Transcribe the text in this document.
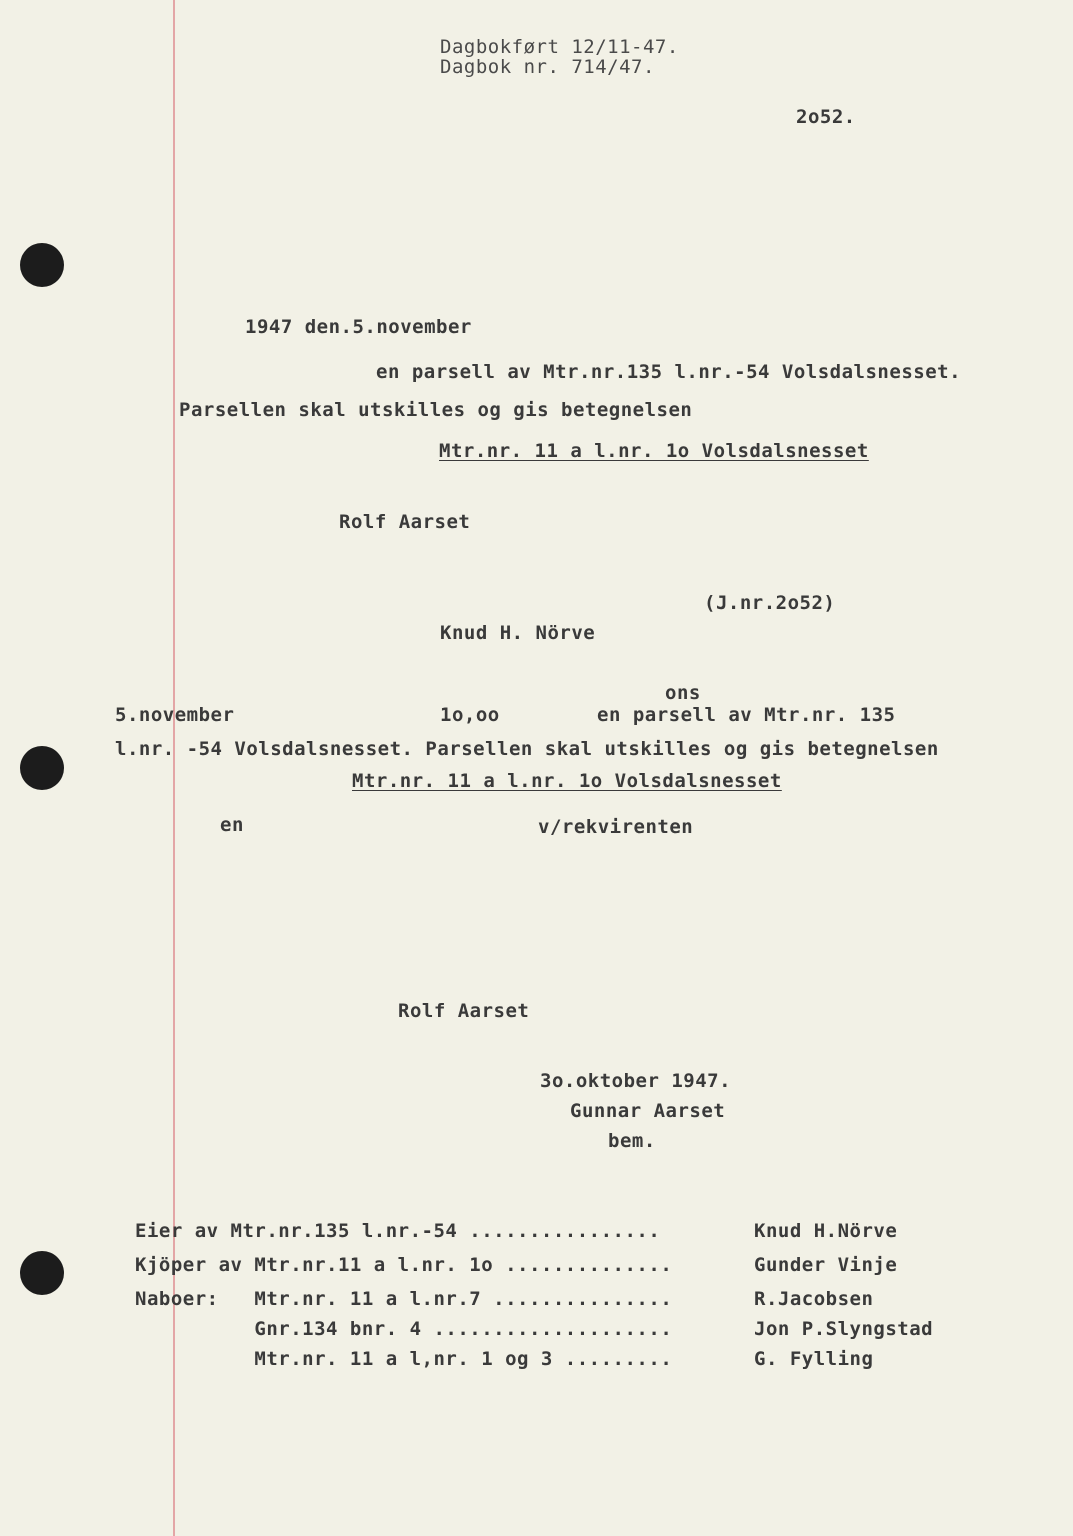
Dagbokført 12/11-47.
Dagbok nr. 714/47.
2o52.
1947 den.5.november
en parsell av Mtr.nr.135 l.nr.-54 Volsdalsnesset.
Parsellen skal utskilles og gis betegnelsen
Mtr.nr. 11 a l.nr. 1o Volsdalsnesset
Rolf Aarset
(J.nr.2o52)
Knud H. Nörve
ons
5.november	1o,oo	en parsell av Mtr.nr. 135
l.nr. -54 Volsdalsnesset. Parsellen skal utskilles og gis betegnelsen
Mtr.nr. 11 a l.nr. 1o Volsdalsnesset
en	v/rekvirenten
Rolf Aarset
3o.oktober 1947.
Gunnar Aarset
bem.
Eier av Mtr.nr.135 l.nr.-54 ................	Knud H.Nörve
Kjöper av Mtr.nr.11 a l.nr. 1o ..............	Gunder Vinje
Naboer:   Mtr.nr. 11 a l.nr.7 ...............	R.Jacobsen
Gnr.134 bnr. 4 ....................	Jon P.Slyngstad
Mtr.nr. 11 a l,nr. 1 og 3 .........	G. Fylling
